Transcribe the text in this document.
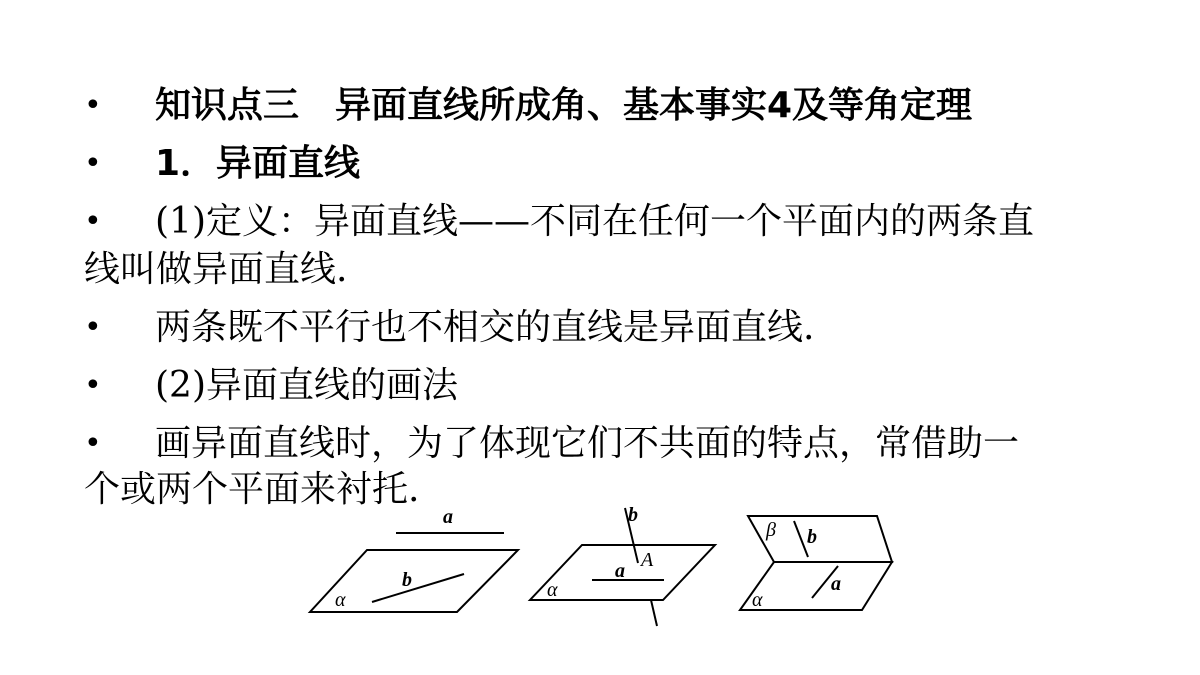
• 知识点三　异面直线所成角、基本事实4及等角定理
• 1．异面直线
• (1)定义：异面直线——不同在任何一个平面内的两条直
线叫做异面直线.
• 两条既不平行也不相交的直线是异面直线.
• (2)异面直线的画法
• 画异面直线时，为了体现它们不共面的特点，常借助一
个或两个平面来衬托.
a
b
α
b
A
a
α
β b
a
α
